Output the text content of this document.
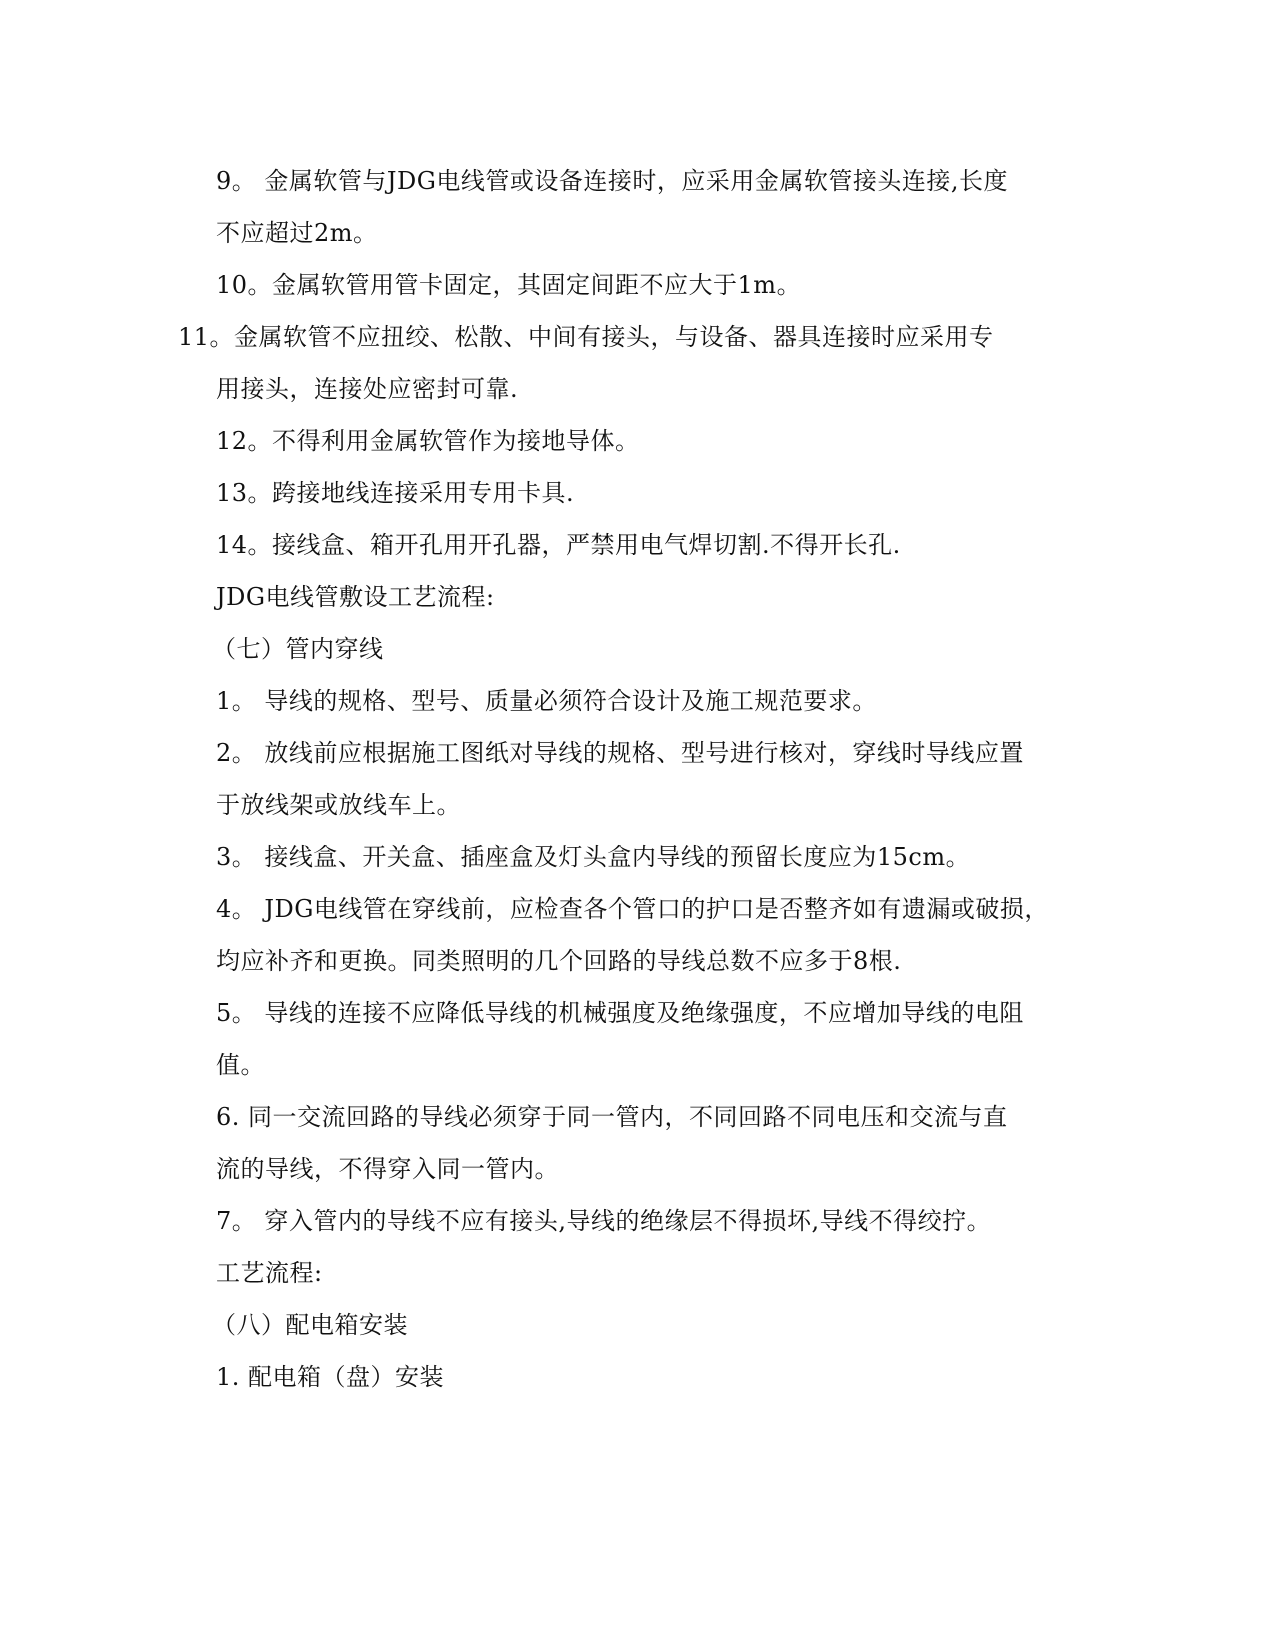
9。 金属软管与JDG电线管或设备连接时，应采用金属软管接头连接,长度
不应超过2m。
10。金属软管用管卡固定，其固定间距不应大于1m。
11。金属软管不应扭绞、松散、中间有接头，与设备、器具连接时应采用专
用接头，连接处应密封可靠.
12。不得利用金属软管作为接地导体。
13。跨接地线连接采用专用卡具.
14。接线盒、箱开孔用开孔器，严禁用电气焊切割.不得开长孔.
JDG电线管敷设工艺流程:
（七）管内穿线
1。 导线的规格、型号、质量必须符合设计及施工规范要求。
2。 放线前应根据施工图纸对导线的规格、型号进行核对，穿线时导线应置
于放线架或放线车上。
3。 接线盒、开关盒、插座盒及灯头盒内导线的预留长度应为15cm。
4。 JDG电线管在穿线前，应检查各个管口的护口是否整齐如有遗漏或破损，
均应补齐和更换。同类照明的几个回路的导线总数不应多于8根.
5。 导线的连接不应降低导线的机械强度及绝缘强度，不应增加导线的电阻
值。
6. 同一交流回路的导线必须穿于同一管内，不同回路不同电压和交流与直
流的导线，不得穿入同一管内。
7。 穿入管内的导线不应有接头,导线的绝缘层不得损坏,导线不得绞拧。
工艺流程:
（八）配电箱安装
1. 配电箱（盘）安装
